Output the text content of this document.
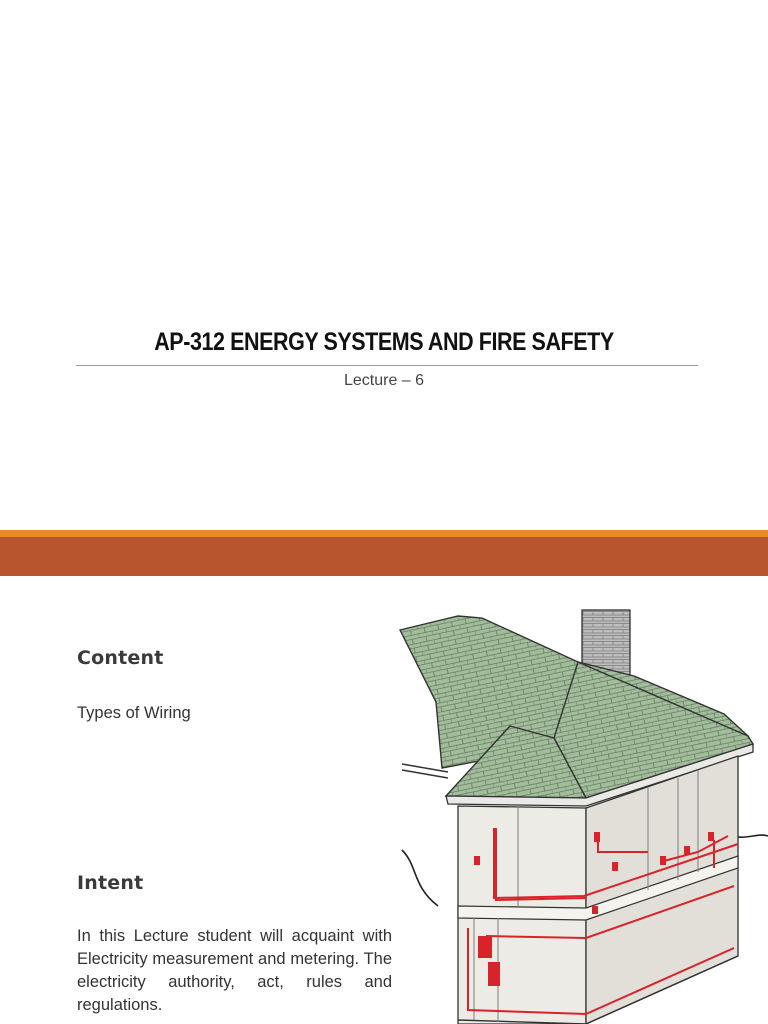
AP-312 ENERGY SYSTEMS AND FIRE SAFETY
Lecture – 6
Content
Types of Wiring
Intent
In this Lecture student will acquaint with Electricity measurement and metering. The electricity authority, act, rules and regulations.
